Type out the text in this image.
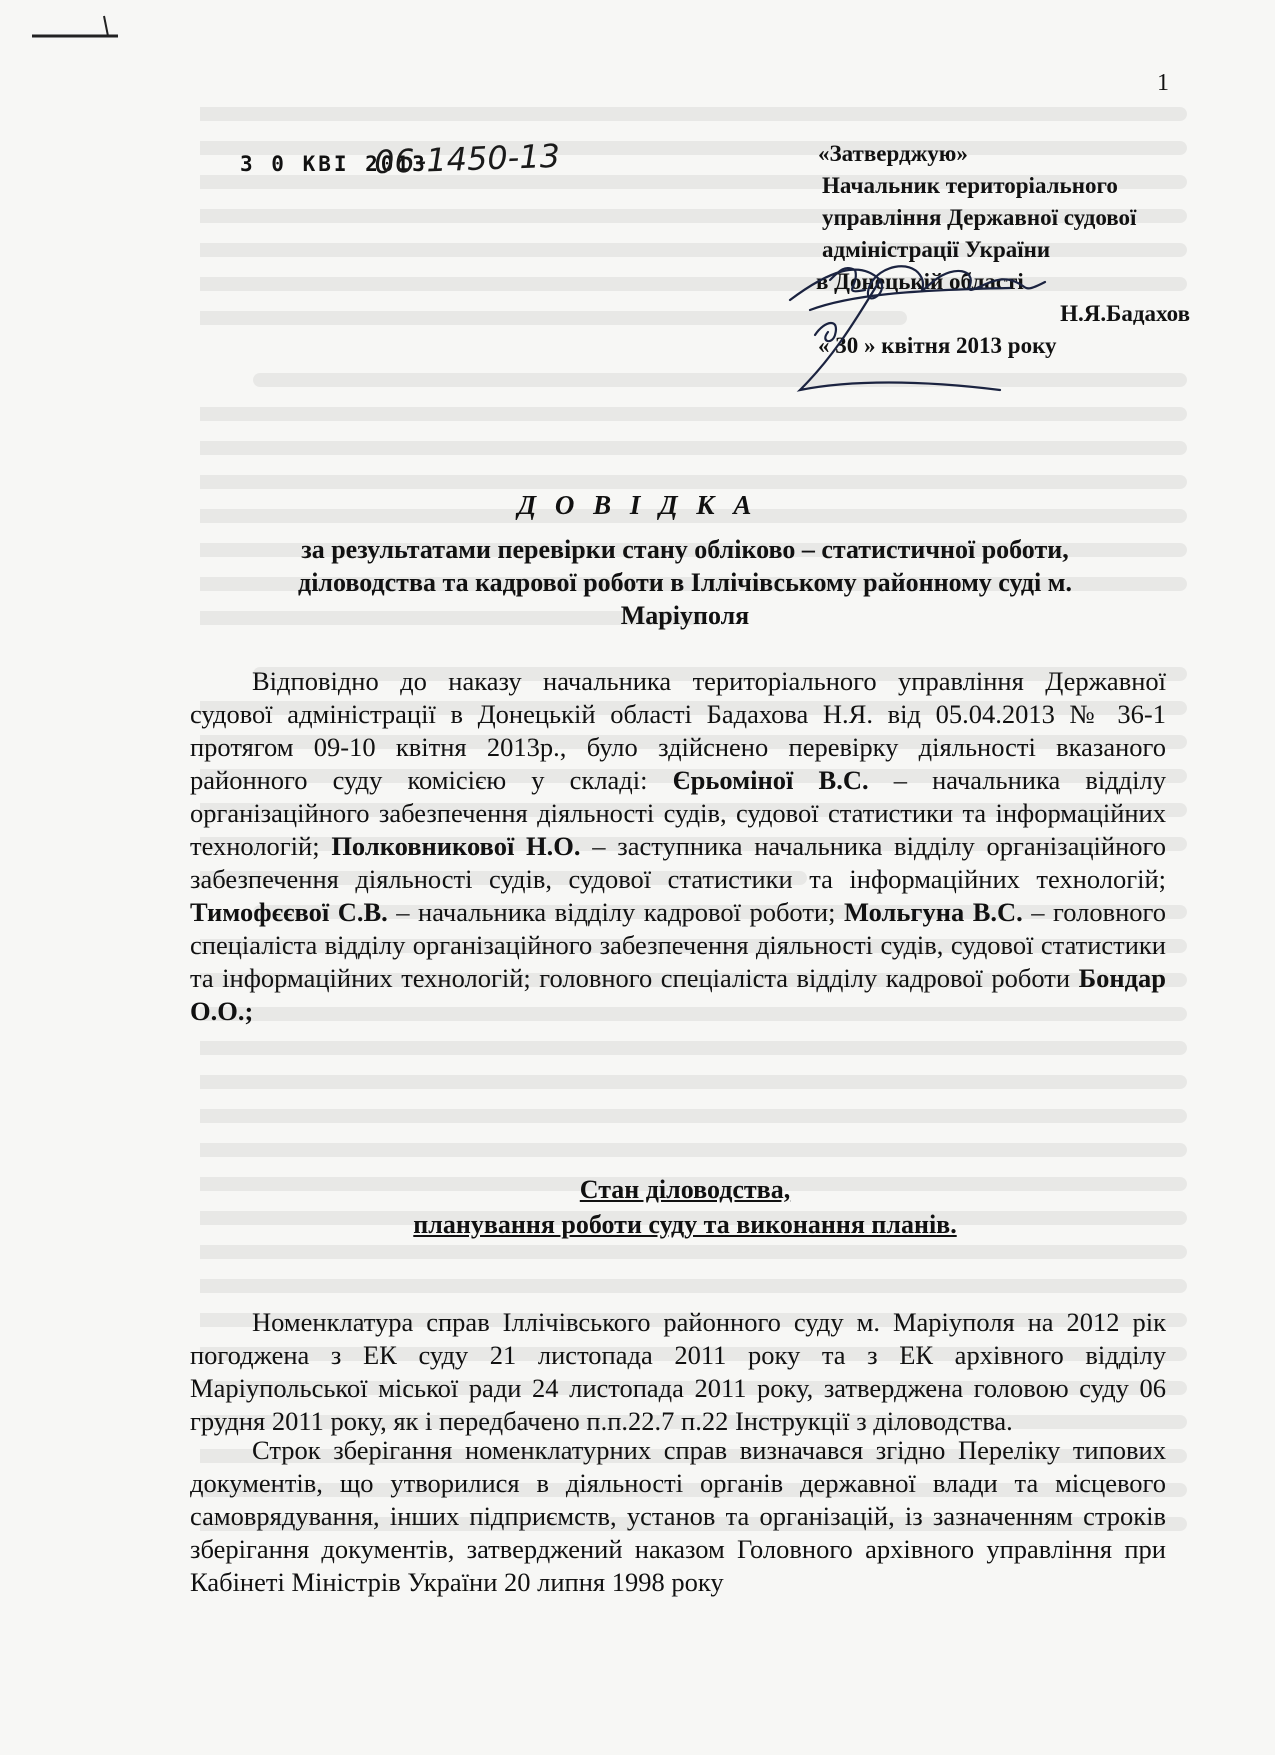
1
3 0 КВІ 2013
06-1450-13	«Затверджую»
Начальник територіального
управління Державної судової
адміністрації України
в Донецькій області
Н.Я.Бадахов
« 30 » квітня 2013 року
Д О В І Д К А
за результатами перевірки стану обліково – статистичної роботи,
діловодства та кадрової роботи в Іллічівському районному суді м.
Маріуполя

Відповідно до наказу начальника територіального управління Державної судової адміністрації в Донецькій області Бадахова Н.Я. від 05.04.2013 № 36-1 протягом 09-10 квітня 2013р., було здійснено перевірку діяльності вказаного районного суду комісією у складі: Єрьоміної В.С. – начальника відділу організаційного забезпечення діяльності судів, судової статистики та інформаційних технологій; Полковникової Н.О. – заступника начальника відділу організаційного забезпечення діяльності судів, судової статистики та інформаційних технологій; Тимофєєвої С.В. – начальника відділу кадрової роботи; Мольгуна В.С. – головного спеціаліста відділу організаційного забезпечення діяльності судів, судової статистики та інформаційних технологій; головного спеціаліста відділу кадрової роботи Бондар О.О.;

Стан діловодства,
планування роботи суду та виконання планів.

Номенклатура справ Іллічівського районного суду м. Маріуполя на 2012 рік погоджена з ЕК суду 21 листопада 2011 року та з ЕК архівного відділу Маріупольської міської ради 24 листопада 2011 року, затверджена головою суду 06 грудня 2011 року, як і передбачено п.п.22.7 п.22 Інструкції з діловодства.

Строк зберігання номенклатурних справ визначався згідно Переліку типових документів, що утворилися в діяльності органів державної влади та місцевого самоврядування, інших підприємств, установ та організацій, із зазначенням строків зберігання документів, затверджений наказом Головного архівного управління при Кабінеті Міністрів України 20 липня 1998 року
